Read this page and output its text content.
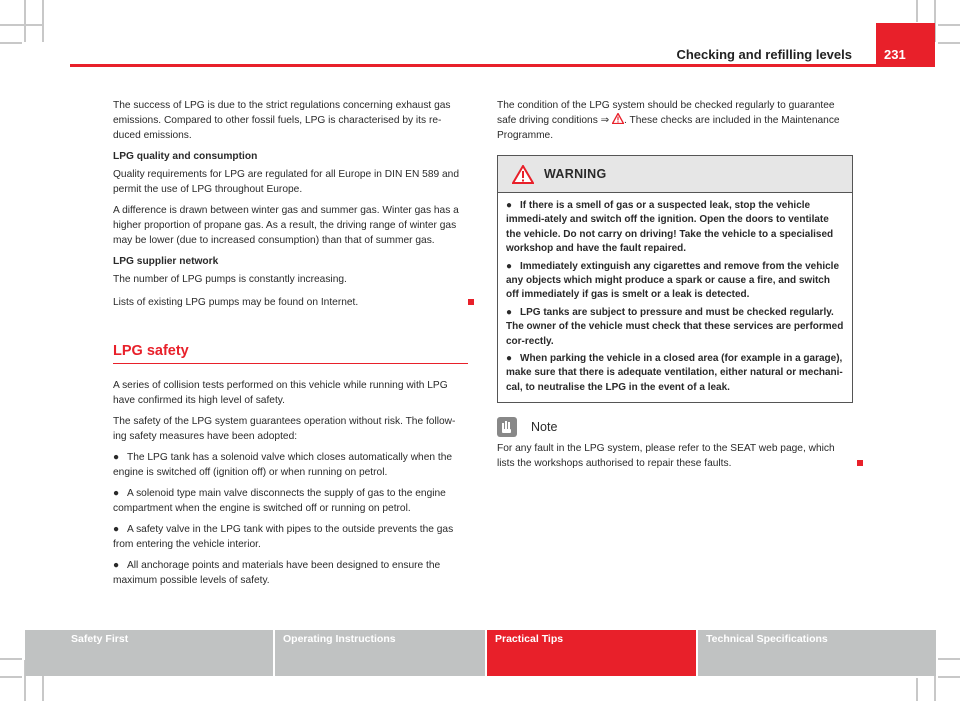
Checking and refilling levels 231

The success of LPG is due to the strict regulations concerning exhaust gas emissions. Compared to other fossil fuels, LPG is characterised by its re-duced emissions.

LPG quality and consumption

Quality requirements for LPG are regulated for all Europe in DIN EN 589 and permit the use of LPG throughout Europe.

A difference is drawn between winter gas and summer gas. Winter gas has a higher proportion of propane gas. As a result, the driving range of winter gas may be lower (due to increased consumption) than that of summer gas.

LPG supplier network

The number of LPG pumps is constantly increasing.

Lists of existing LPG pumps may be found on Internet.

LPG safety

A series of collision tests performed on this vehicle while running with LPG have confirmed its high level of safety.

The safety of the LPG system guarantees operation without risk. The follow-ing safety measures have been adopted:

● The LPG tank has a solenoid valve which closes automatically when the engine is switched off (ignition off) or when running on petrol.

● A solenoid type main valve disconnects the supply of gas to the engine compartment when the engine is switched off or running on petrol.

● A safety valve in the LPG tank with pipes to the outside prevents the gas from entering the vehicle interior.

● All anchorage points and materials have been designed to ensure the maximum possible levels of safety.

The condition of the LPG system should be checked regularly to guarantee safe driving conditions ⇒ . These checks are included in the Maintenance Programme.

WARNING

● If there is a smell of gas or a suspected leak, stop the vehicle immedi-ately and switch off the ignition. Open the doors to ventilate the vehicle. Do not carry on driving! Take the vehicle to a specialised workshop and have the fault repaired.

● Immediately extinguish any cigarettes and remove from the vehicle any objects which might produce a spark or cause a fire, and switch off immediately if gas is smelt or a leak is detected.

● LPG tanks are subject to pressure and must be checked regularly. The owner of the vehicle must check that these services are performed cor-rectly.

● When parking the vehicle in a closed area (for example in a garage), make sure that there is adequate ventilation, either natural or mechani-cal, to neutralise the LPG in the event of a leak.

Note

For any fault in the LPG system, please refer to the SEAT web page, which lists the workshops authorised to repair these faults.

Safety First	Operating Instructions	Practical Tips	Technical Specifications
